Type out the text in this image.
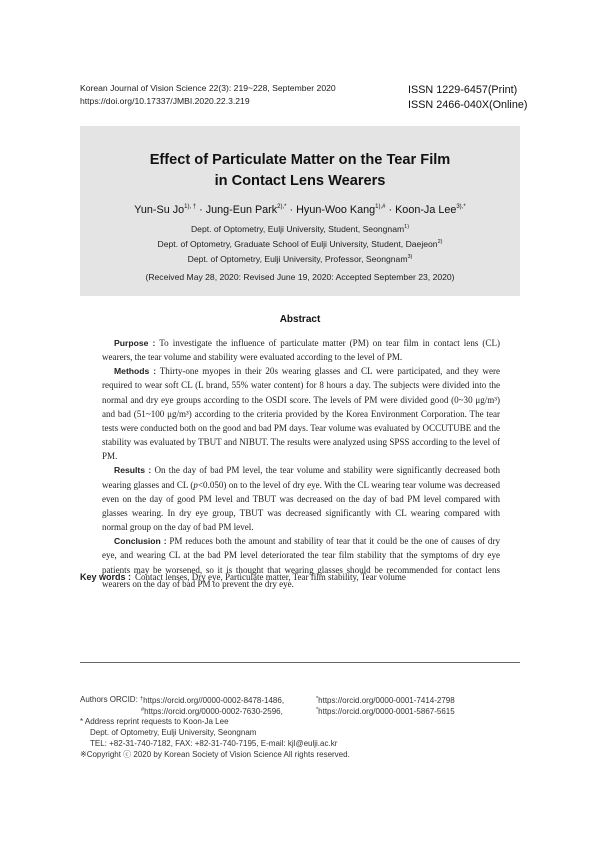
Korean Journal of Vision Science 22(3): 219~228, September 2020
https://doi.org/10.17337/JMBI.2020.22.3.219
ISSN 1229-6457(Print)
ISSN 2466-040X(Online)
Effect of Particulate Matter on the Tear Film
in Contact Lens Wearers
Yun-Su $Jo^{1), \dagger}$ · Jung-Eun Park$^{2),*}$ · Hyun-Woo Kang$^{1),\#}$ · Koon-Ja Lee$^{3),*}$
Dept. of Optometry, Eulji University, Student, Seongnam$^{1)}$
Dept. of Optometry, Graduate School of Eulji University, Student, Daejeon$^{2)}$
Dept. of Optometry, Eulji University, Professor, Seongnam$^{3)}$
(Received May 28, 2020: Revised June 19, 2020: Accepted September 23, 2020)
Abstract

Purpose : To investigate the influence of particulate matter (PM) on tear film in contact lens (CL) wearers, the tear volume and stability were evaluated according to the level of PM.

Methods : Thirty-one myopes in their 20s wearing glasses and CL were participated, and they were required to wear soft CL (L brand, 55% water content) for 8 hours a day. The subjects were divided into the normal and dry eye groups according to the OSDI score. The levels of PM were divided good (0~30 μg/m³) and bad (51~100 μg/m³) according to the criteria provided by the Korea Environment Corporation. The tear tests were conducted both on the good and bad PM days. Tear volume was evaluated by OCCUTUBE and the stability was evaluated by TBUT and NIBUT. The results were analyzed using SPSS according to the level of PM.

Results : On the day of bad PM level, the tear volume and stability were significantly decreased both wearing glasses and CL (p<0.050) on to the level of dry eye. With the CL wearing tear volume was decreased even on the day of good PM level and TBUT was decreased on the day of bad PM level compared with glasses wearing. In dry eye group, TBUT was decreased significantly with CL wearing compared with normal group on the day of bad PM level.

Conclusion : PM reduces both the amount and stability of tear that it could be the one of causes of dry eye, and wearing CL at the bad PM level deteriorated the tear film stability that the symptoms of dry eye patients may be worsened, so it is thought that wearing glasses should be recommended for contact lens wearers on the day of bad PM to prevent the dry eye.

Key words : Contact lenses, Dry eye, Particulate matter, Tear film stability, Tear volume
Authors ORCID: †https://orcid.org//0000-0002-8478-1486,	*https://orcid.org/0000-0001-7414-2798
#https://orcid.org/0000-0002-7630-2596,	*https://orcid.org/0000-0001-5867-5615
* Address reprint requests to Koon-Ja Lee
Dept. of Optometry, Eulji University, Seongnam
TEL: +82-31-740-7182, FAX: +82-31-740-7195, E-mail: kjl@eulji.ac.kr
※Copyright ⓒ 2020 by Korean Society of Vision Science All rights reserved.
